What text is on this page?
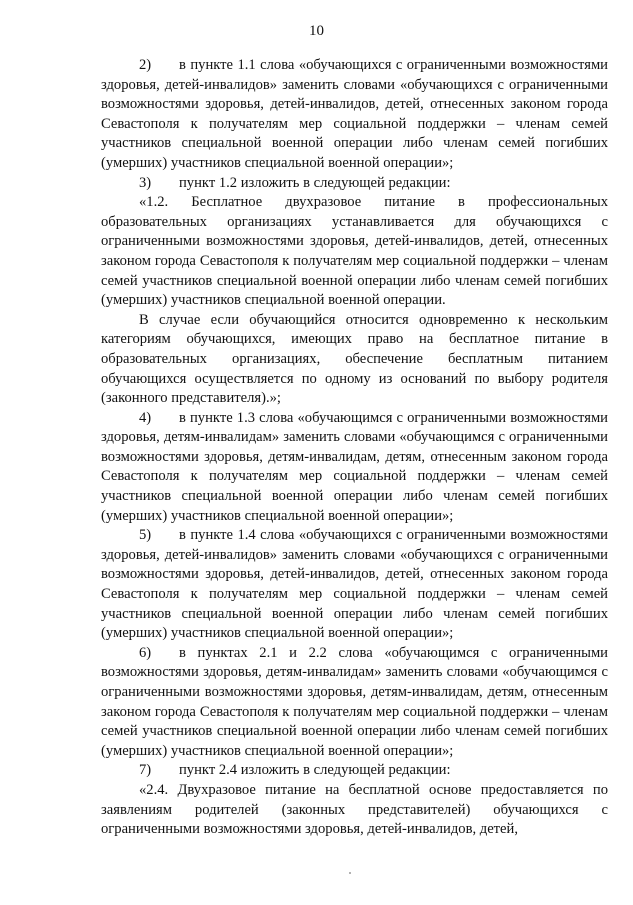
10

2) в пункте 1.1 слова «обучающихся с ограниченными возможностями здоровья, детей-инвалидов» заменить словами «обучающихся с ограниченными возможностями здоровья, детей-инвалидов, детей, отнесенных законом города Севастополя к получателям мер социальной поддержки – членам семей участников специальной военной операции либо членам семей погибших (умерших) участников специальной военной операции»;

3) пункт 1.2 изложить в следующей редакции:

«1.2. Бесплатное двухразовое питание в профессиональных образовательных организациях устанавливается для обучающихся с ограниченными возможностями здоровья, детей-инвалидов, детей, отнесенных законом города Севастополя к получателям мер социальной поддержки – членам семей участников специальной военной операции либо членам семей погибших (умерших) участников специальной военной операции.

В случае если обучающийся относится одновременно к нескольким категориям обучающихся, имеющих право на бесплатное питание в образовательных организациях, обеспечение бесплатным питанием обучающихся осуществляется по одному из оснований по выбору родителя (законного представителя).»;

4) в пункте 1.3 слова «обучающимся с ограниченными возможностями здоровья, детям-инвалидам» заменить словами «обучающимся с ограниченными возможностями здоровья, детям-инвалидам, детям, отнесенным законом города Севастополя к получателям мер социальной поддержки – членам семей участников специальной военной операции либо членам семей погибших (умерших) участников специальной военной операции»;

5) в пункте 1.4 слова «обучающихся с ограниченными возможностями здоровья, детей-инвалидов» заменить словами «обучающихся с ограниченными возможностями здоровья, детей-инвалидов, детей, отнесенных законом города Севастополя к получателям мер социальной поддержки – членам семей участников специальной военной операции либо членам семей погибших (умерших) участников специальной военной операции»;

6) в пунктах 2.1 и 2.2 слова «обучающимся с ограниченными возможностями здоровья, детям-инвалидам» заменить словами «обучающимся с ограниченными возможностями здоровья, детям-инвалидам, детям, отнесенным законом города Севастополя к получателям мер социальной поддержки – членам семей участников специальной военной операции либо членам семей погибших (умерших) участников специальной военной операции»;

7) пункт 2.4 изложить в следующей редакции:

«2.4. Двухразовое питание на бесплатной основе предоставляется по заявлениям родителей (законных представителей) обучающихся с ограниченными возможностями здоровья, детей-инвалидов, детей,
